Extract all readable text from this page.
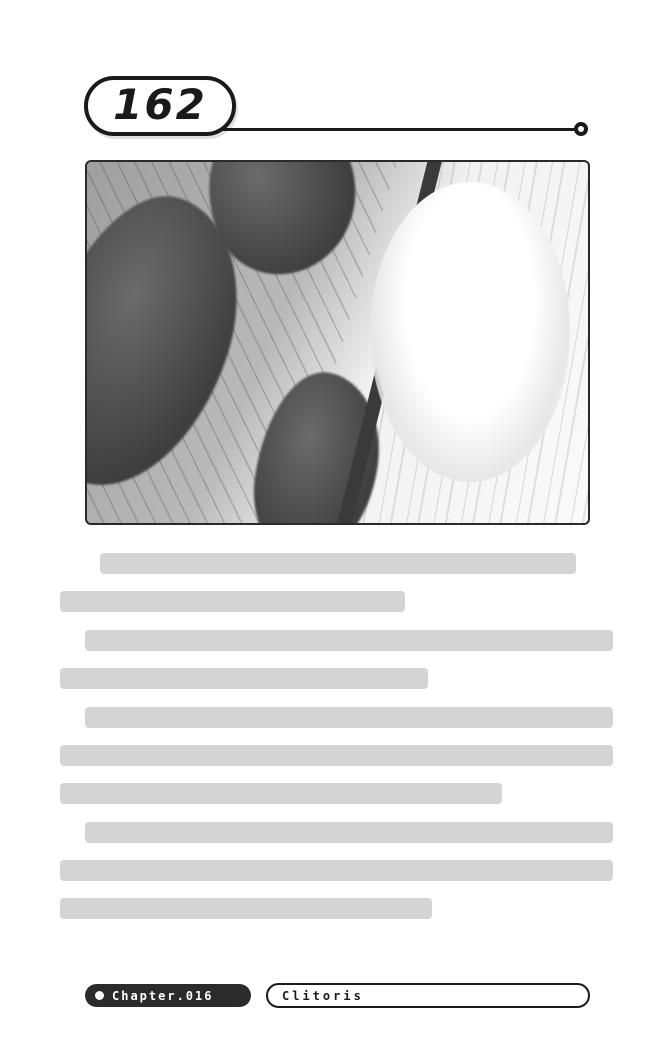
162
Chapter.016	Clitoris
